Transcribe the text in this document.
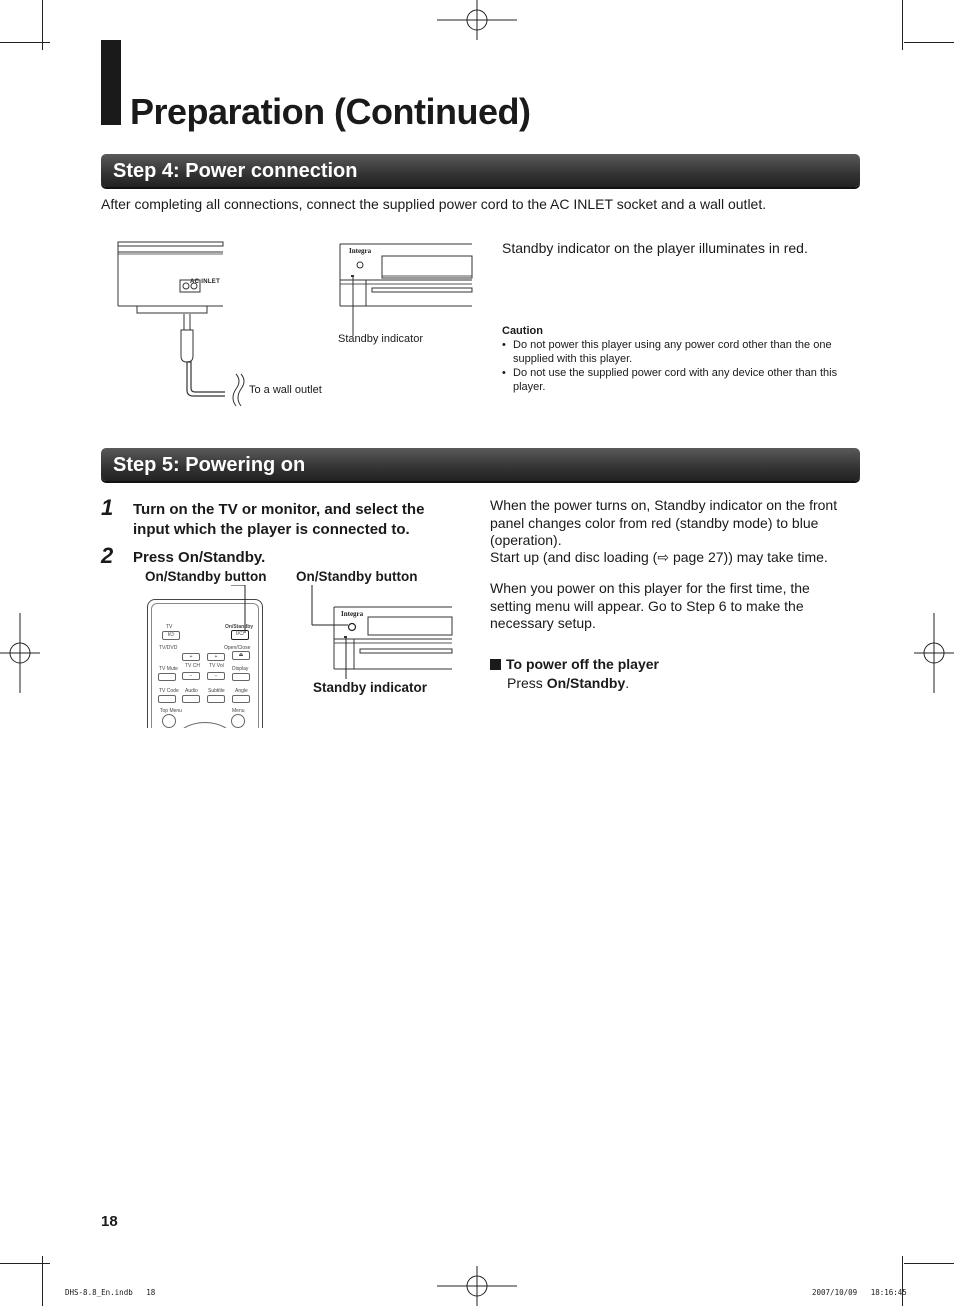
Preparation (Continued)
Step 4: Power connection
After completing all connections, connect the supplied power cord to the AC INLET socket and a wall outlet.
AC INLET
To a wall outlet
Integra
Standby indicator
Standby indicator on the player illuminates in red.
Caution
• Do not power this player using any power cord other than the one supplied with this player.
• Do not use the supplied power cord with any device other than this player.
Step 5: Powering on
1 Turn on the TV or monitor, and select the input which the player is connected to.
2 Press On/Standby.
On/Standby button On/Standby button
TV
I/⏻
On/Standby
I/⏻
TV/DVD	Open/Close
⏏
+	+
TV Mute TV CH TV Vol Display
−	−
TV Code Audio Subtitle Angle
Top Menu	Menu
Integra
Standby indicator
When the power turns on, Standby indicator on the front panel changes color from red (standby mode) to blue (operation).
Start up (and disc loading (⇨ page 27)) may take time.
When you power on this player for the first time, the setting menu will appear. Go to Step 6 to make the necessary setup.
To power off the player
Press On/Standby.
18
DHS-8.8_En.indb   18	2007/10/09   18:16:45
